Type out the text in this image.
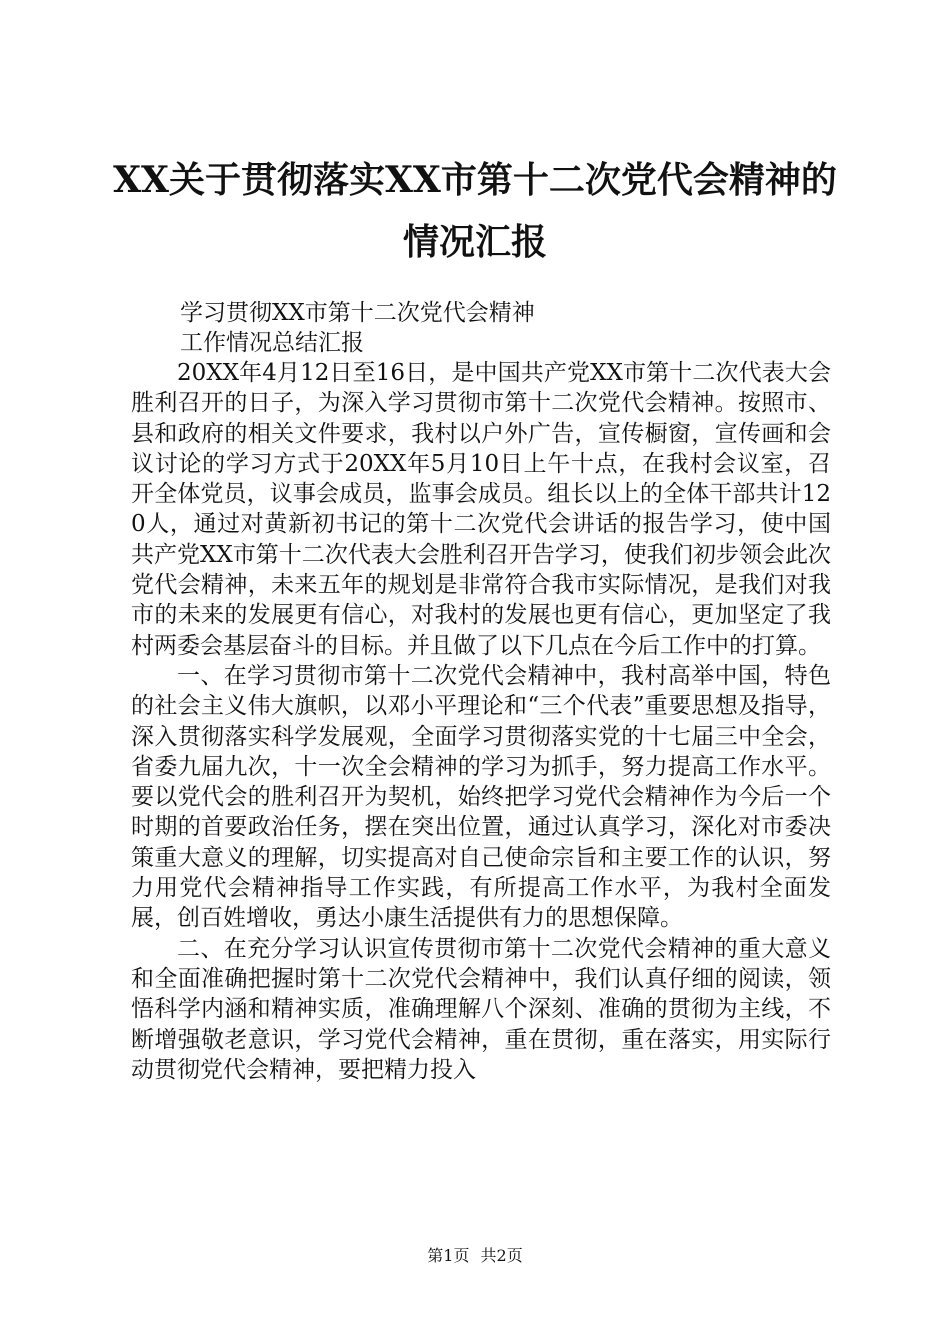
XX关于贯彻落实XX市第十二次党代会精神的
情况汇报
学习贯彻XX市第十二次党代会精神
工作情况总结汇报

20XX年4月12日至16日，是中国共产党XX市第十二次代表大会胜利召开的日子，为深入学习贯彻市第十二次党代会精神。按照市、县和政府的相关文件要求，我村以户外广告，宣传橱窗，宣传画和会议讨论的学习方式于20XX年5月10日上午十点，在我村会议室，召开全体党员，议事会成员，监事会成员。组长以上的全体干部共计120人，通过对黄新初书记的第十二次党代会讲话的报告学习，使中国共产党XX市第十二次代表大会胜利召开告学习，使我们初步领会此次党代会精神，未来五年的规划是非常符合我市实际情况，是我们对我市的未来的发展更有信心，对我村的发展也更有信心，更加坚定了我村两委会基层奋斗的目标。并且做了以下几点在今后工作中的打算。

一、在学习贯彻市第十二次党代会精神中，我村高举中国，特色的社会主义伟大旗帜，以邓小平理论和“三个代表”重要思想及指导，深入贯彻落实科学发展观，全面学习贯彻落实党的十七届三中全会，省委九届九次，十一次全会精神的学习为抓手，努力提高工作水平。要以党代会的胜利召开为契机，始终把学习党代会精神作为今后一个时期的首要政治任务，摆在突出位置，通过认真学习，深化对市委决策重大意义的理解，切实提高对自己使命宗旨和主要工作的认识，努力用党代会精神指导工作实践，有所提高工作水平，为我村全面发展，创百姓增收，勇达小康生活提供有力的思想保障。

二、在充分学习认识宣传贯彻市第十二次党代会精神的重大意义和全面准确把握时第十二次党代会精神中，我们认真仔细的阅读，领悟科学内涵和精神实质，准确理解八个深刻、准确的贯彻为主线，不断增强敬老意识，学习党代会精神，重在贯彻，重在落实，用实际行动贯彻党代会精神，要把精力投入

第1页 共2页
